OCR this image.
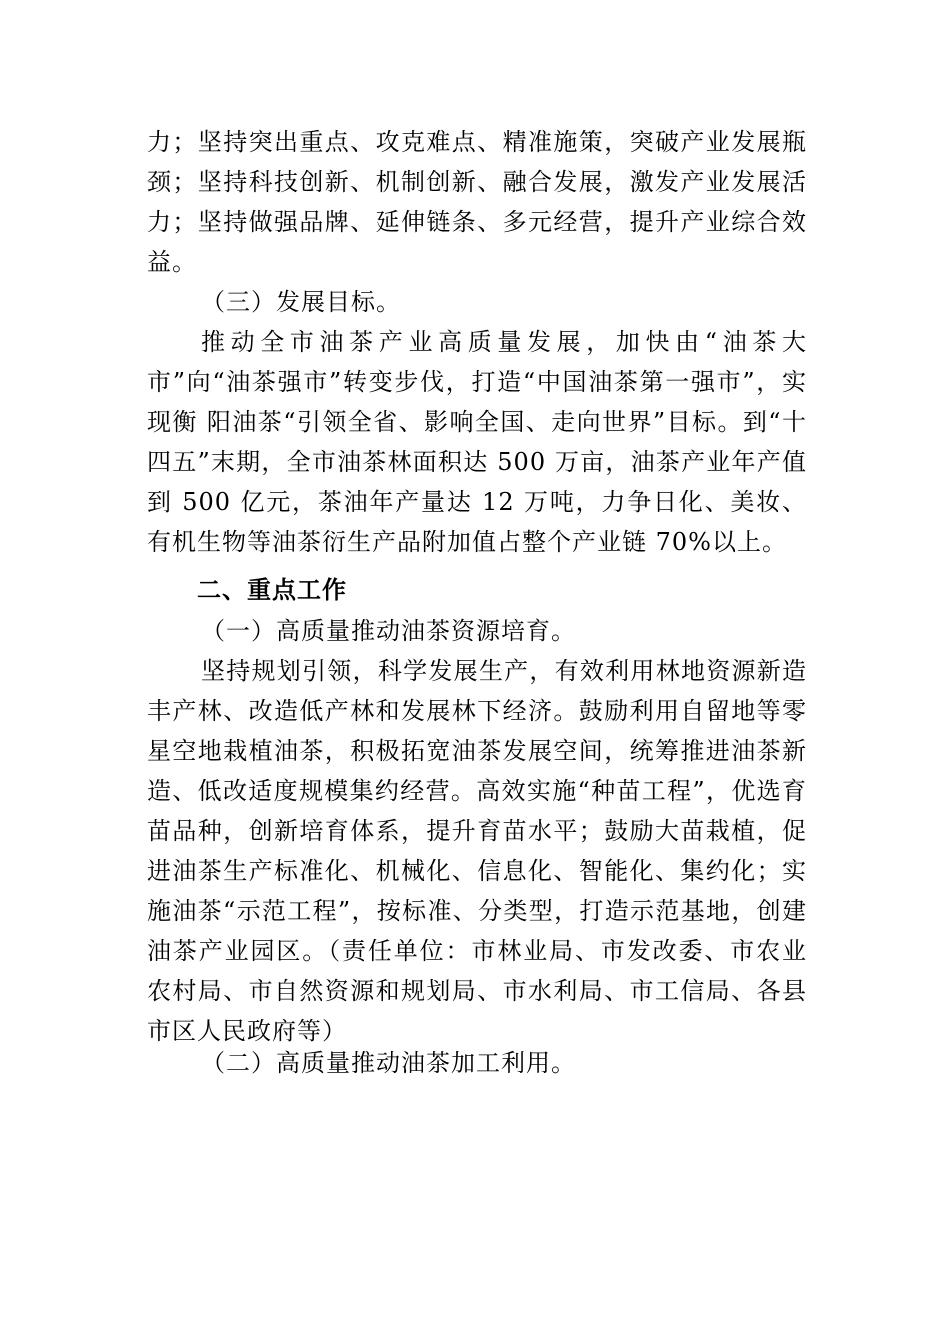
力；坚持突出重点、攻克难点、精准施策，突破产业发展瓶颈；坚持科技创新、机制创新、融合发展，激发产业发展活力；坚持做强品牌、延伸链条、多元经营，提升产业综合效益。
（三）发展目标。
推动全市油茶产业高质量发展，加快由“油茶大市”向“油茶强市”转变步伐，打造“中国油茶第一强市”，实现衡 阳油茶“引领全省、影响全国、走向世界”目标。到“十四五”末期，全市油茶林面积达 500 万亩，油茶产业年产值到 500 亿元，茶油年产量达 12 万吨，力争日化、美妆、有机生物等油茶衍生产品附加值占整个产业链 70%以上。
二、重点工作
（一）高质量推动油茶资源培育。
坚持规划引领，科学发展生产，有效利用林地资源新造丰产林、改造低产林和发展林下经济。鼓励利用自留地等零星空地栽植油茶，积极拓宽油茶发展空间，统筹推进油茶新造、低改适度规模集约经营。高效实施“种苗工程”，优选育 苗品种，创新培育体系，提升育苗水平；鼓励大苗栽植，促进油茶生产标准化、机械化、信息化、智能化、集约化；实施油茶“示范工程”，按标准、分类型，打造示范基地，创建油茶产业园区。（责任单位：市林业局、市发改委、市农业农村局、市自然资源和规划局、市水利局、市工信局、各县市区人民政府等）
（二）高质量推动油茶加工利用。
